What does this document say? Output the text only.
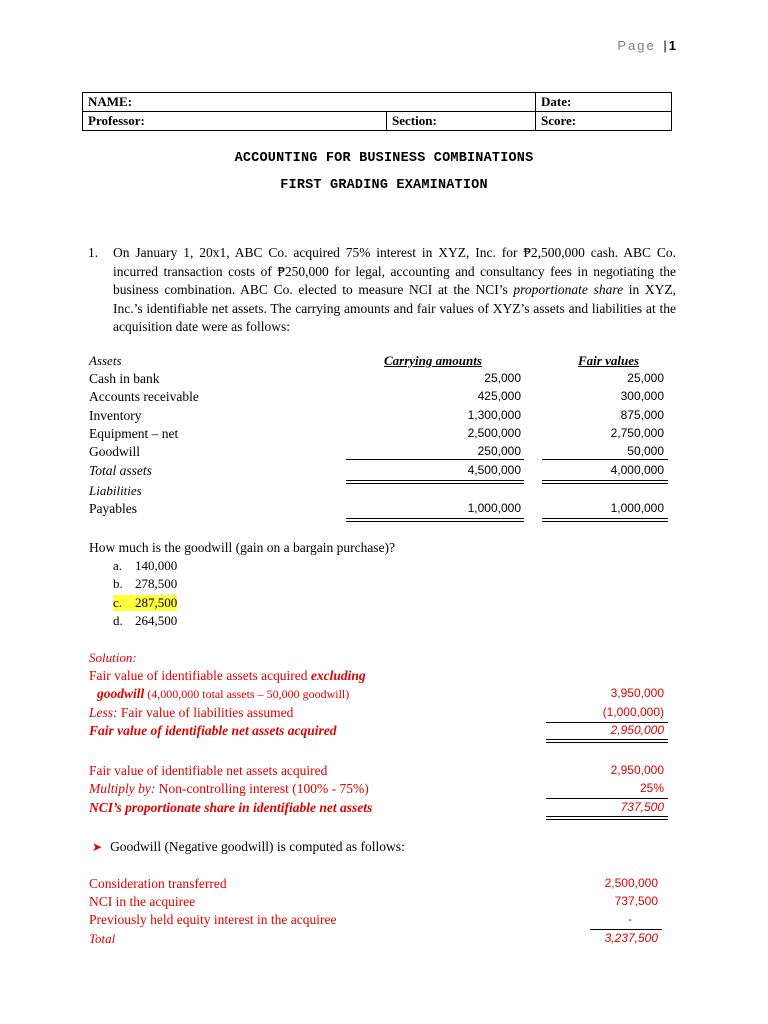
Page | 1
NAME:		Date:
Professor:	Section:	Score:
ACCOUNTING FOR BUSINESS COMBINATIONS
FIRST GRADING EXAMINATION
1. On January 1, 20x1, ABC Co. acquired 75% interest in XYZ, Inc. for ₱2,500,000 cash. ABC Co. incurred transaction costs of ₱250,000 for legal, accounting and consultancy fees in negotiating the business combination. ABC Co. elected to measure NCI at the NCI’s proportionate share in XYZ, Inc.’s identifiable net assets. The carrying amounts and fair values of XYZ’s assets and liabilities at the acquisition date were as follows:
Assets	Carrying amounts	Fair values
Cash in bank	25,000	25,000
Accounts receivable	425,000	300,000
Inventory	1,300,000	875,000
Equipment – net	2,500,000	2,750,000
Goodwill	250,000	50,000
Total assets	4,500,000	4,000,000
Liabilities
Payables	1,000,000	1,000,000
How much is the goodwill (gain on a bargain purchase)?
a. 140,000
b. 278,500
c. 287,500
d. 264,500
Solution:
Fair value of identifiable assets acquired excluding
goodwill (4,000,000 total assets – 50,000 goodwill)	3,950,000
Less: Fair value of liabilities assumed	(1,000,000)
Fair value of identifiable net assets acquired	2,950,000
Fair value of identifiable net assets acquired	2,950,000
Multiply by: Non-controlling interest (100% - 75%)	25%
NCI’s proportionate share in identifiable net assets	737,500
➤ Goodwill (Negative goodwill) is computed as follows:
Consideration transferred	2,500,000
NCI in the acquiree	737,500
Previously held equity interest in the acquiree	-
Total	3,237,500
